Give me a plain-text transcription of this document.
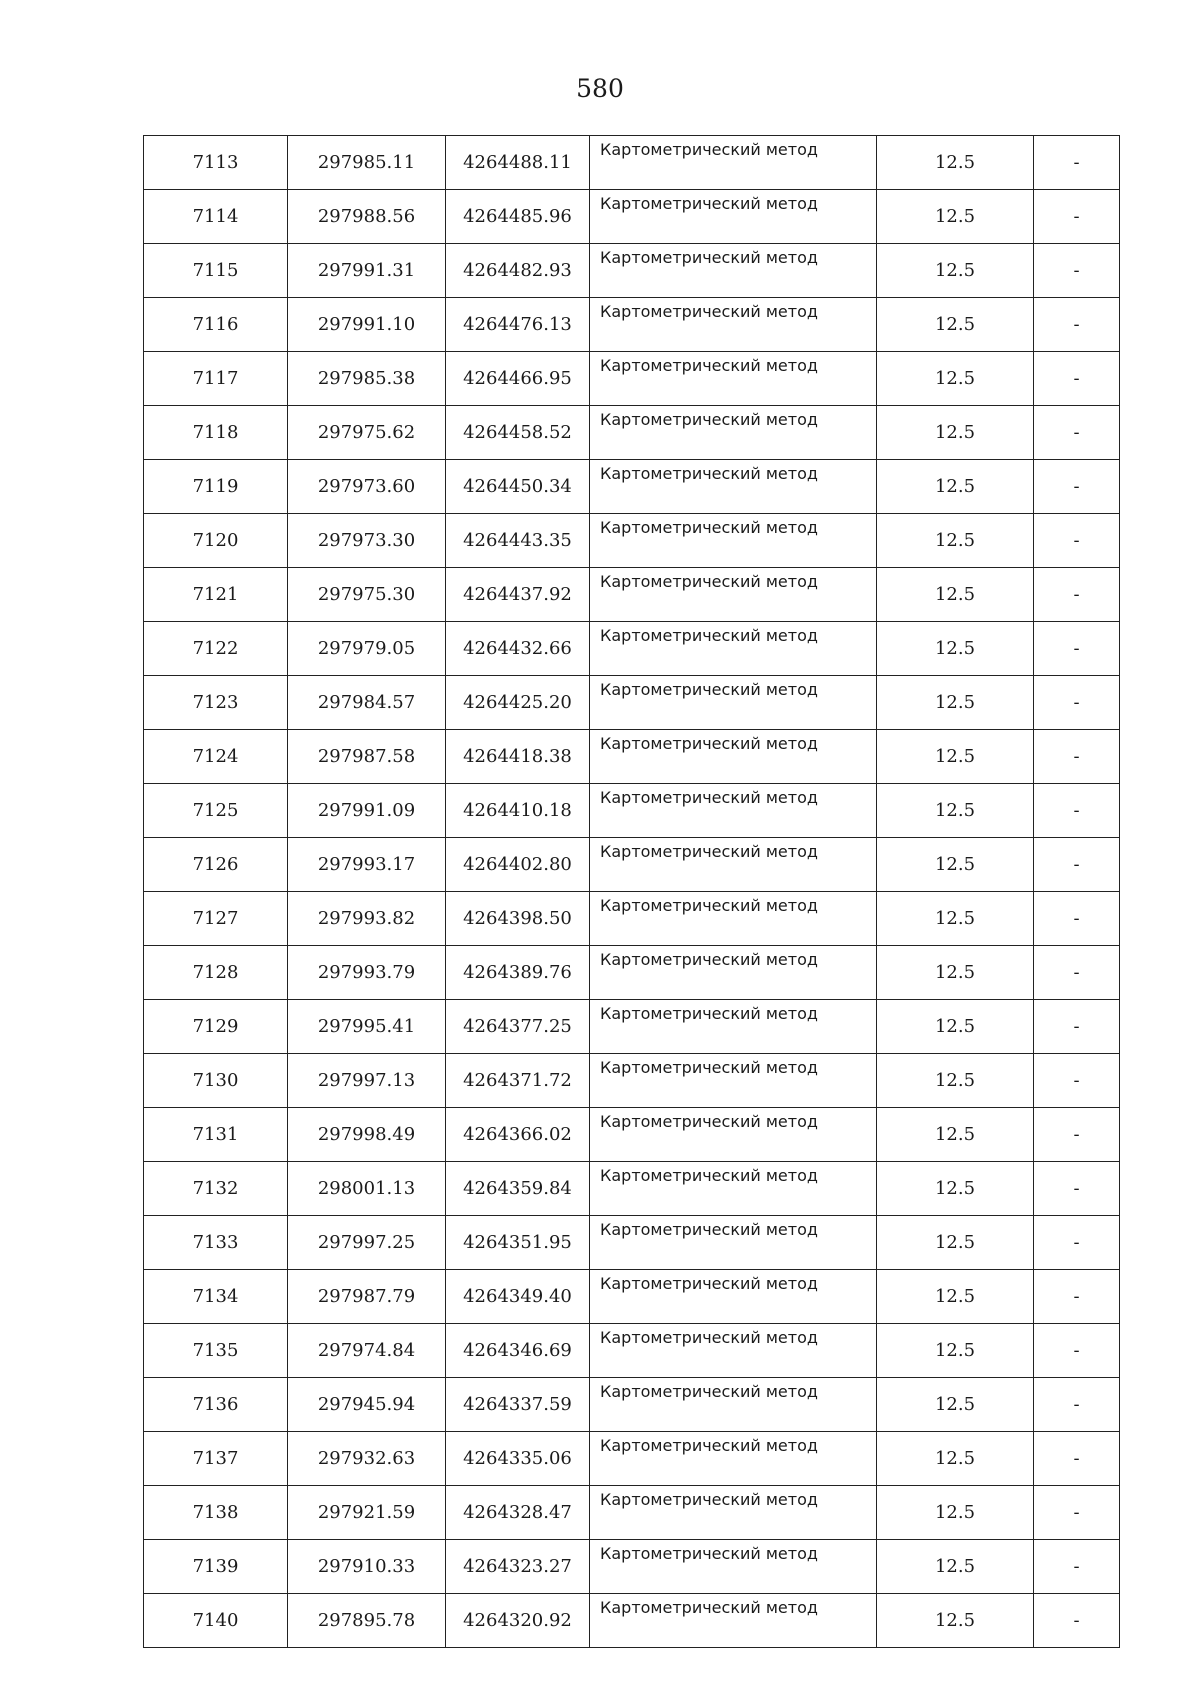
580
7113	297985.11	4264488.11	Картометрический метод	12.5	-
7114	297988.56	4264485.96	Картометрический метод	12.5	-
7115	297991.31	4264482.93	Картометрический метод	12.5	-
7116	297991.10	4264476.13	Картометрический метод	12.5	-
7117	297985.38	4264466.95	Картометрический метод	12.5	-
7118	297975.62	4264458.52	Картометрический метод	12.5	-
7119	297973.60	4264450.34	Картометрический метод	12.5	-
7120	297973.30	4264443.35	Картометрический метод	12.5	-
7121	297975.30	4264437.92	Картометрический метод	12.5	-
7122	297979.05	4264432.66	Картометрический метод	12.5	-
7123	297984.57	4264425.20	Картометрический метод	12.5	-
7124	297987.58	4264418.38	Картометрический метод	12.5	-
7125	297991.09	4264410.18	Картометрический метод	12.5	-
7126	297993.17	4264402.80	Картометрический метод	12.5	-
7127	297993.82	4264398.50	Картометрический метод	12.5	-
7128	297993.79	4264389.76	Картометрический метод	12.5	-
7129	297995.41	4264377.25	Картометрический метод	12.5	-
7130	297997.13	4264371.72	Картометрический метод	12.5	-
7131	297998.49	4264366.02	Картометрический метод	12.5	-
7132	298001.13	4264359.84	Картометрический метод	12.5	-
7133	297997.25	4264351.95	Картометрический метод	12.5	-
7134	297987.79	4264349.40	Картометрический метод	12.5	-
7135	297974.84	4264346.69	Картометрический метод	12.5	-
7136	297945.94	4264337.59	Картометрический метод	12.5	-
7137	297932.63	4264335.06	Картометрический метод	12.5	-
7138	297921.59	4264328.47	Картометрический метод	12.5	-
7139	297910.33	4264323.27	Картометрический метод	12.5	-
7140	297895.78	4264320.92	Картометрический метод	12.5	-
